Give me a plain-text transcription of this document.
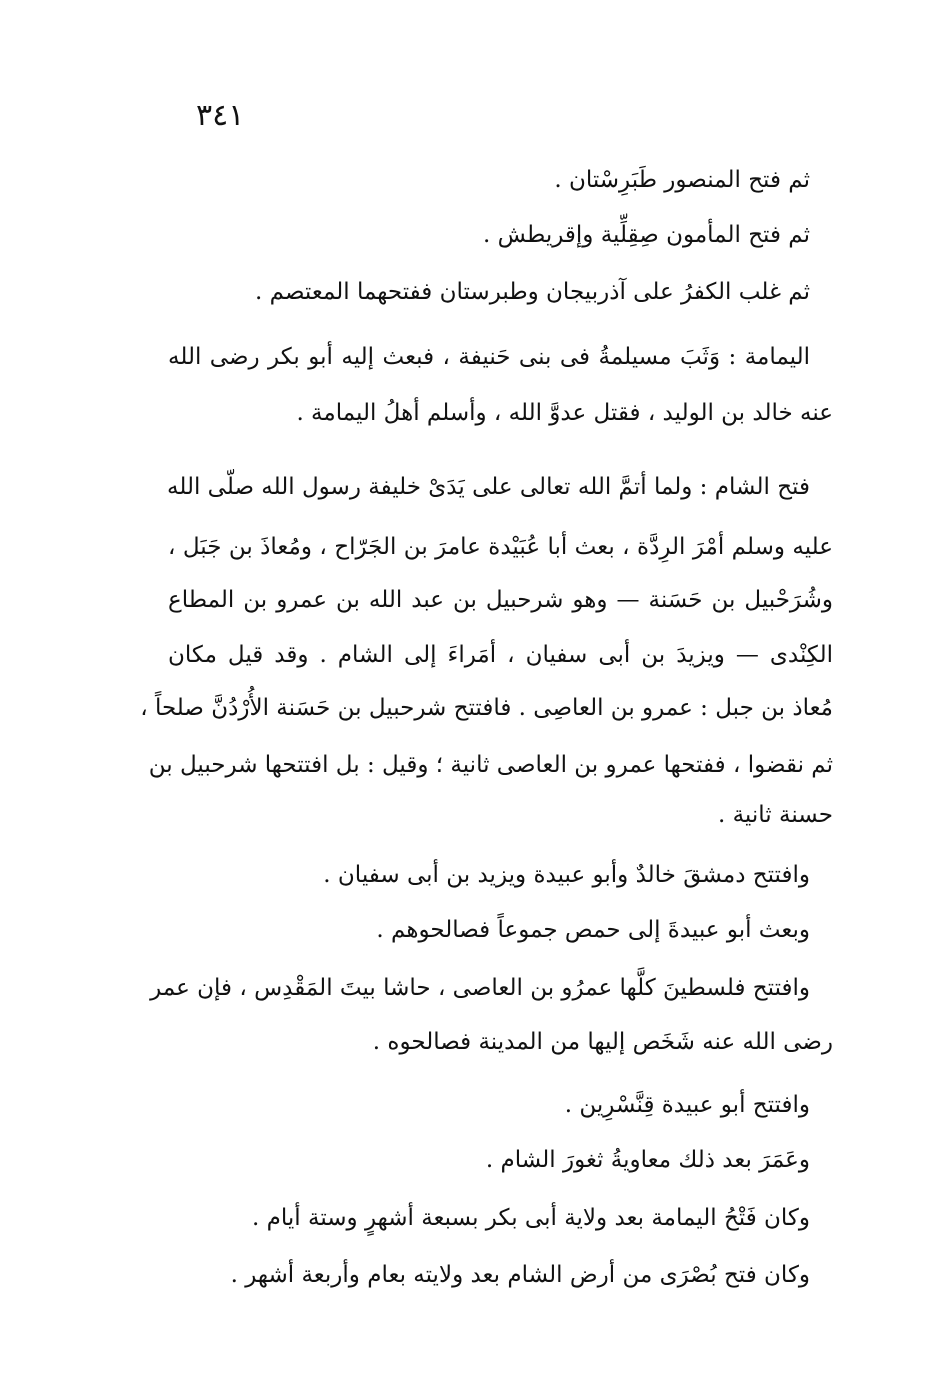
٣٤١
ثم فتح المنصور طَبَرِسْتان .
ثم فتح المأمون صِقِلِّية وإقريطش .
ثم غلب الكفرُ على آذربيجان وطبرستان ففتحهما المعتصم .
اليمامة : وَثَبَ مسيلمةُ فى بنى حَنيفة ، فبعث إليه أبو بكر رضى الله
عنه خالد بن الوليد ، فقتل عدوَّ الله ، وأسلم أهلُ اليمامة .
فتح الشام : ولما أتمَّ الله تعالى على يَدَىْ خليفة رسول الله صلّى الله
عليه وسلم أمْرَ الرِدَّة ، بعث أبا عُبَيْدة عامرَ بن الجَرّاح ، ومُعاذَ بن جَبَل ،
وشُرَحْبيل بن حَسَنة — وهو شرحبيل بن عبد الله بن عمرو بن المطاع
الكِنْدى — ويزيدَ بن أبى سفيان ، أمَراءَ إلى الشام . وقد قيل مكان
مُعاذ بن جبل : عمرو بن العاصِى . فافتتح شرحبيل بن حَسَنة الأُرْدُنَّ صلحاً ،
ثم نقضوا ، ففتحها عمرو بن العاصى ثانية ؛ وقيل : بل افتتحها شرحبيل بن
حسنة ثانية .
وافتتح دمشقَ خالدٌ وأبو عبيدة ويزيد بن أبى سفيان .
وبعث أبو عبيدةَ إلى حمص جموعاً فصالحوهم .
وافتتح فلسطينَ كلَّها عمرُو بن العاصى ، حاشا بيتَ المَقْدِس ، فإن عمر
رضى الله عنه شَخَص إليها من المدينة فصالحوه .
وافتتح أبو عبيدة قِنَّسْرِين .
وعَمَرَ بعد ذلك معاويةُ ثغورَ الشام .
وكان فَتْحُ اليمامة بعد ولاية أبى بكر بسبعة أشهرٍ وستة أيام .
وكان فتح بُصْرَى من أرض الشام بعد ولايته بعام وأربعة أشهر .
